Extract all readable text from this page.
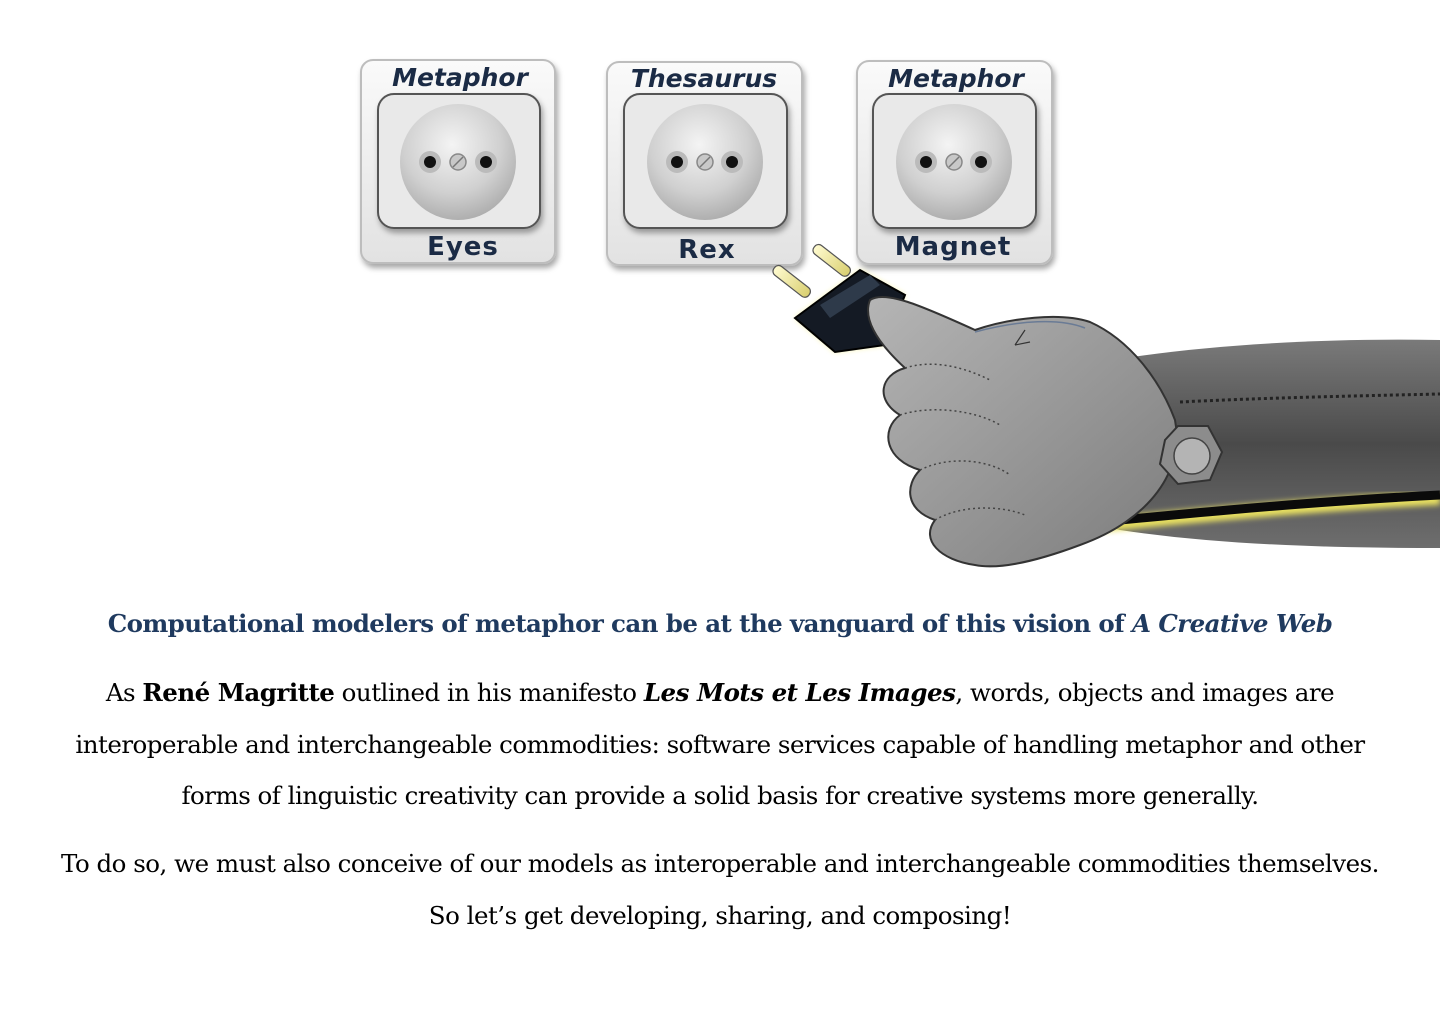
Metaphor
Eyes
Thesaurus
Rex
Metaphor
Magnet
Computational modelers of metaphor can be at the vanguard of this vision of A Creative Web
As René Magritte outlined in his manifesto Les Mots et Les Images, words, objects and images are interoperable and interchangeable commodities: software services capable of handling metaphor and other forms of linguistic creativity can provide a solid basis for creative systems more generally.
To do so, we must also conceive of our models as interoperable and interchangeable commodities themselves. So let’s get developing, sharing, and composing!
